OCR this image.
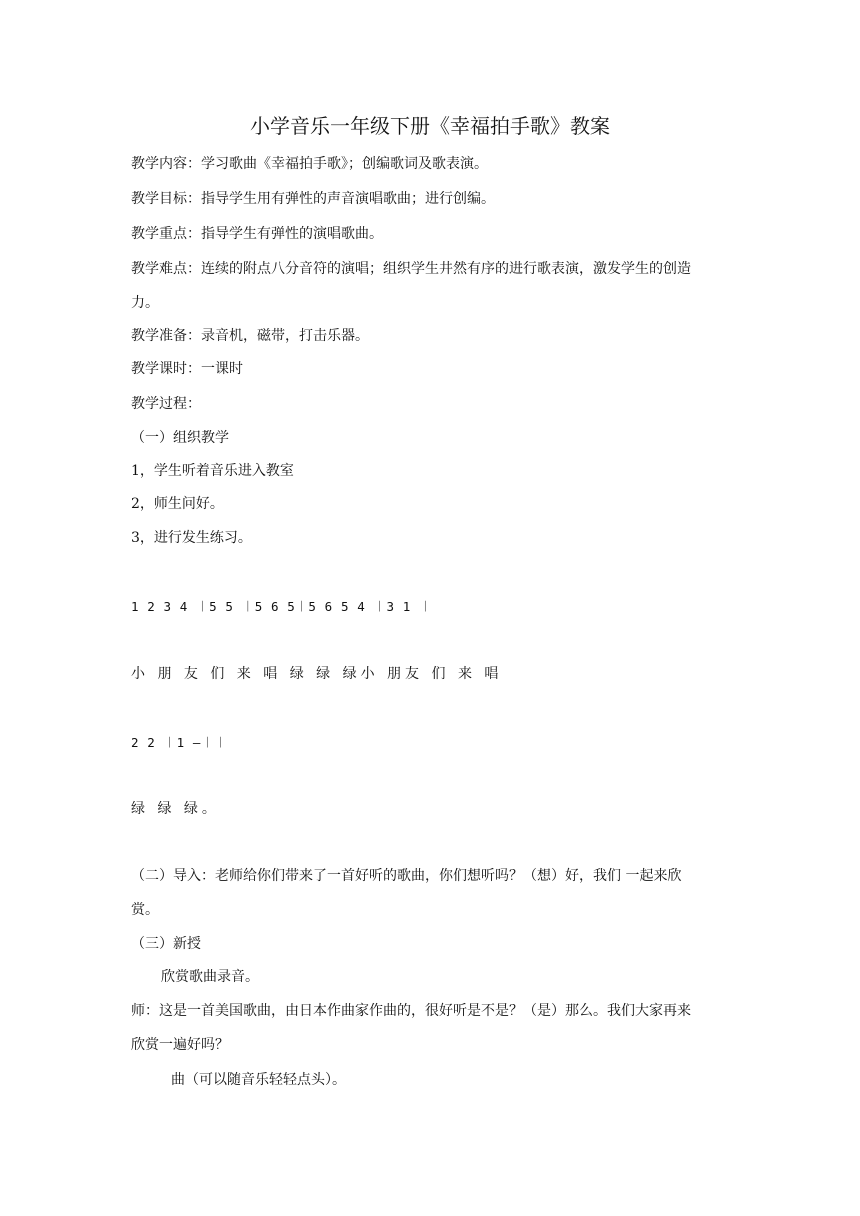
小学音乐一年级下册《幸福拍手歌》教案
教学内容：学习歌曲《幸福拍手歌》；创编歌词及歌表演。
教学目标：指导学生用有弹性的声音演唱歌曲；进行创编。
教学重点：指导学生有弹性的演唱歌曲。
教学难点：连续的附点八分音符的演唱；组织学生井然有序的进行歌表演，激发学生的创造
力。
教学准备：录音机，磁带，打击乐器。
教学课时：一课时
教学过程：
（一）组织教学
1，学生听着音乐进入教室
2，师生问好。
3，进行发生练习。
1 2 3 4 ︱5 5 ︱5 6 5︱5 6 5 4 ︱3 1 ︱
小 朋 友 们 来 唱 绿 绿 绿小 朋友 们 来 唱
2 2 ︱1 —︱︱
绿 绿 绿。
（二）导入：老师给你们带来了一首好听的歌曲，你们想听吗？（想）好，我们 一起来欣
赏。
（三）新授
欣赏歌曲录音。
师：这是一首美国歌曲，由日本作曲家作曲的，很好听是不是？（是）那么。我们大家再来
欣赏一遍好吗？
曲（可以随音乐轻轻点头）。
